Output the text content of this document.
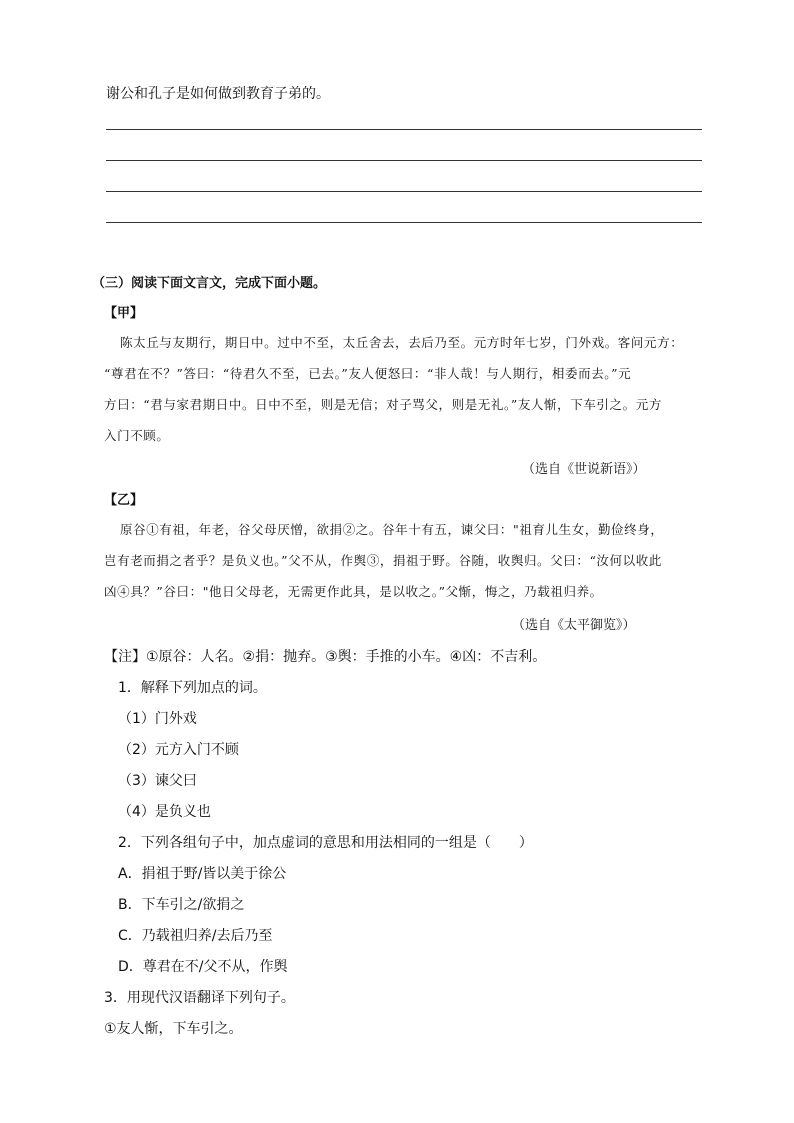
谢公和孔子是如何做到教育子弟的。
（三）阅读下面文言文，完成下面小题。
【甲】
陈太丘与友期行，期日中。过中不至，太丘舍去，去后乃至。元方时年七岁，门外戏。客问元方：
“尊君在不？”答曰：“待君久不至，已去。”友人便怒曰：“非人哉！与人期行，相委而去。”元
方曰：“君与家君期日中。日中不至，则是无信；对子骂父，则是无礼。”友人惭，下车引之。元方
入门不顾。
（选自《世说新语》）
【乙】
原谷①有祖，年老，谷父母厌憎，欲捐②之。谷年十有五，谏父曰："祖育儿生女，勤俭终身，
岂有老而捐之者乎？是负义也。”父不从，作舆③，捐祖于野。谷随，收舆归。父曰：“汝何以收此
凶④具？”谷曰："他日父母老，无需更作此具，是以收之。”父惭，悔之，乃载祖归养。
（选自《太平御览》）
【注】①原谷：人名。②捐：抛弃。③舆：手推的小车。④凶：不吉利。
1．解释下列加点的词。
（1）门外戏
（2）元方入门不顾
（3）谏父曰
（4）是负义也
2．下列各组句子中，加点虚词的意思和用法相同的一组是（　　）
A．捐祖于野/皆以美于徐公
B．下车引之/欲捐之
C．乃载祖归养/去后乃至
D．尊君在不/父不从，作舆
3．用现代汉语翻译下列句子。
①友人惭，下车引之。
